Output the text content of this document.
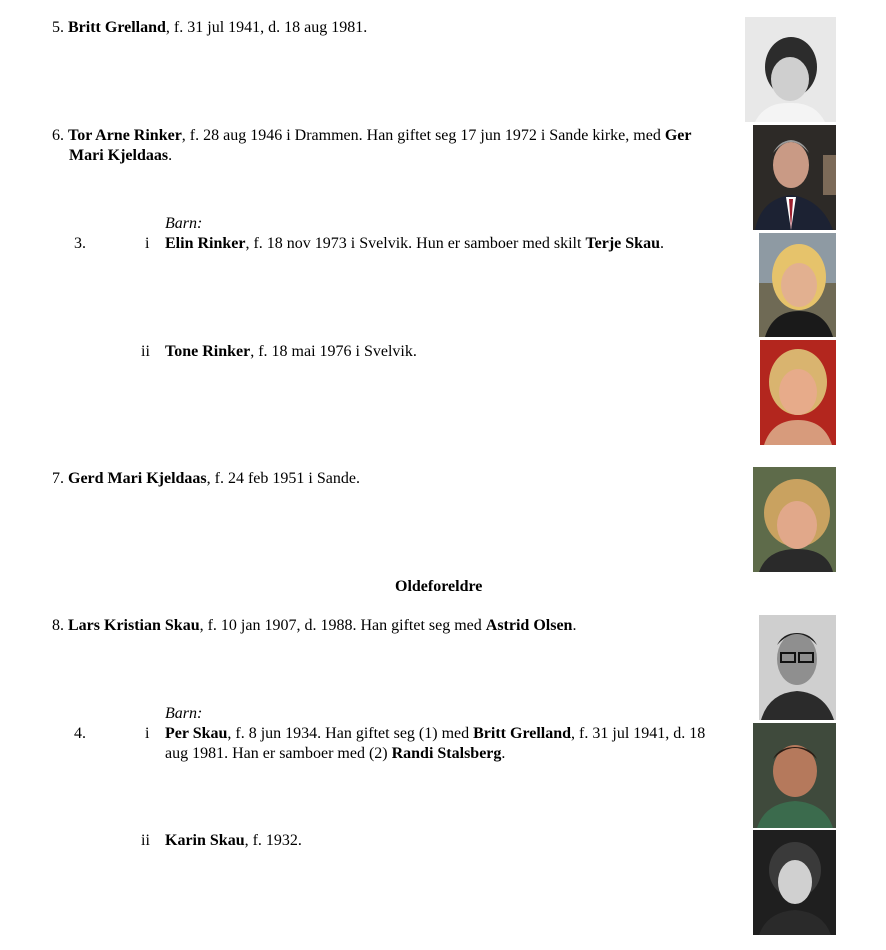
5. Britt Grelland, f. 31 jul 1941, d. 18 aug 1981.
6. Tor Arne Rinker, f. 28 aug 1946 i Drammen. Han giftet seg 17 jun 1972 i Sande kirke, med Ger
Mari Kjeldaas.
Barn:
3.	i Elin Rinker, f. 18 nov 1973 i Svelvik. Hun er samboer med skilt Terje Skau.
ii Tone Rinker, f. 18 mai 1976 i Svelvik.
7. Gerd Mari Kjeldaas, f. 24 feb 1951 i Sande.
Oldeforeldre
8. Lars Kristian Skau, f. 10 jan 1907, d. 1988. Han giftet seg med Astrid Olsen.
Barn:
4.	i Per Skau, f. 8 jun 1934. Han giftet seg (1) med Britt Grelland, f. 31 jul 1941, d. 18
aug 1981. Han er samboer med (2) Randi Stalsberg.
ii Karin Skau, f. 1932.
